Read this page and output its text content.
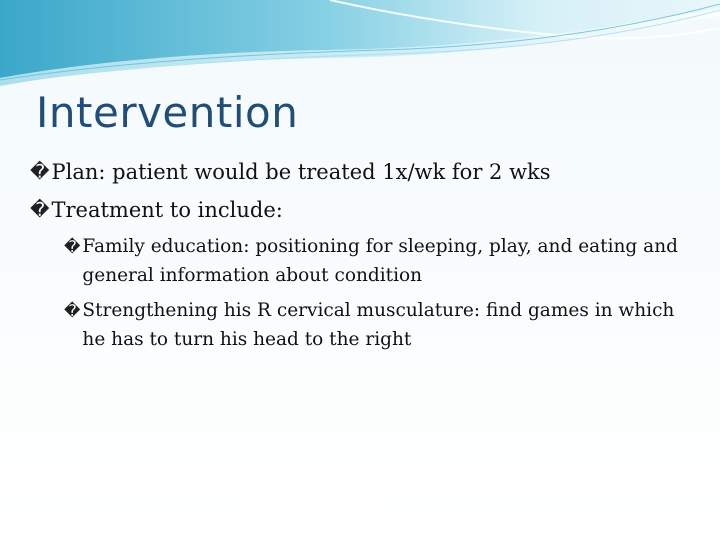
Intervention
� Plan: patient would be treated 1x/wk for 2 wks
� Treatment to include:
� Family education: positioning for sleeping, play, and eating and general information about condition
� Strengthening his R cervical musculature: find games in which he has to turn his head to the right
